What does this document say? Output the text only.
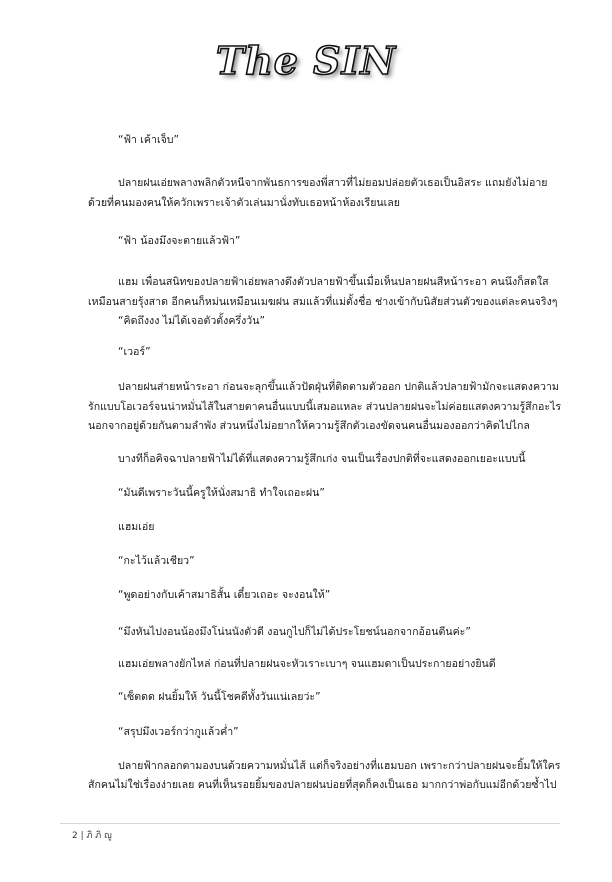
The SIN

“ฟ้า เค้าเจ็บ”

ปลายฝนเอ่ยพลางพลิกตัวหนีจากพันธการของพี่สาวที่ไม่ยอมปล่อยตัวเธอเป็นอิสระ แถมยังไม่อาย

ด้วยที่คนมองคนให้ควักเพราะเจ้าตัวเล่นมานั่งทับเธอหน้าห้องเรียนเลย

“ฟ้า น้องมึงจะตายแล้วฟ้า”

แฮม เพื่อนสนิทของปลายฟ้าเอ่ยพลางดึงตัวปลายฟ้าขึ้นเมื่อเห็นปลายฝนสีหน้าระอา คนนึงก็สดใส

เหมือนสายรุ้งสาด อีกคนก็หม่นเหมือนเมฆฝน สมแล้วที่แม่ตั้งชื่อ ช่างเข้ากับนิสัยส่วนตัวของแต่ละคนจริงๆ

“คิดถึงงง ไม่ได้เจอตัวตั้งครึ่งวัน”

“เวอร์”

ปลายฝนส่ายหน้าระอา ก่อนจะลุกขึ้นแล้วปัดฝุ่นที่ติดตามตัวออก ปกติแล้วปลายฟ้ามักจะแสดงความ

รักแบบโอเวอร์จนน่าหมั่นไส้ในสายตาคนอื่นแบบนี้เสมอแหละ ส่วนปลายฝนจะไม่ค่อยแสดงความรู้สึกอะไร

นอกจากอยู่ด้วยกันตามลำพัง ส่วนหนึ่งไม่อยากให้ความรู้สึกตัวเองขัดจนคนอื่นมองออกว่าคิดไปไกล

บางทีก็อคิจฉาปลายฟ้าไม่ได้ที่แสดงความรู้สึกเก่ง จนเป็นเรื่องปกติที่จะแสดงออกเยอะแบบนี้

“มันดีเพราะวันนี้ครูให้นั่งสมาธิ ทำใจเถอะฝน”

แฮมเอ่ย

“กะไว้แล้วเชียว”

“พูดอย่างกับเค้าสมาธิสั้น เดี๋ยวเถอะ จะงอนให้”

“มึงหันไปงอนน้องมึงโน่นนังตัวดี งอนกูไปก็ไม่ได้ประโยชน์นอกจากอ้อนตีนค่ะ”

แฮมเอ่ยพลางยักไหล่ ก่อนที่ปลายฝนจะหัวเราะเบาๆ จนแฮมดาเป็นประกายอย่างยินดี

“เซ็ตดด ฝนยิ้มให้ วันนี้โชคดีทั้งวันแน่เลยว่ะ”

“สรุปมึงเวอร์กว่ากูแล้วค่ำ”

ปลายฟ้ากลอกตามองบนด้วยความหมั่นไส้ แต่ก็จริงอย่างที่แฮมบอก เพราะกว่าปลายฝนจะยิ้มให้ใคร

สักคนไม่ใช่เรื่องง่ายเลย คนที่เห็นรอยยิ้มของปลายฝนบ่อยที่สุดก็คงเป็นเธอ มากกว่าพ่อกับแม่อีกด้วยซ้ำไป

2 | ภิ ภิ ญู
